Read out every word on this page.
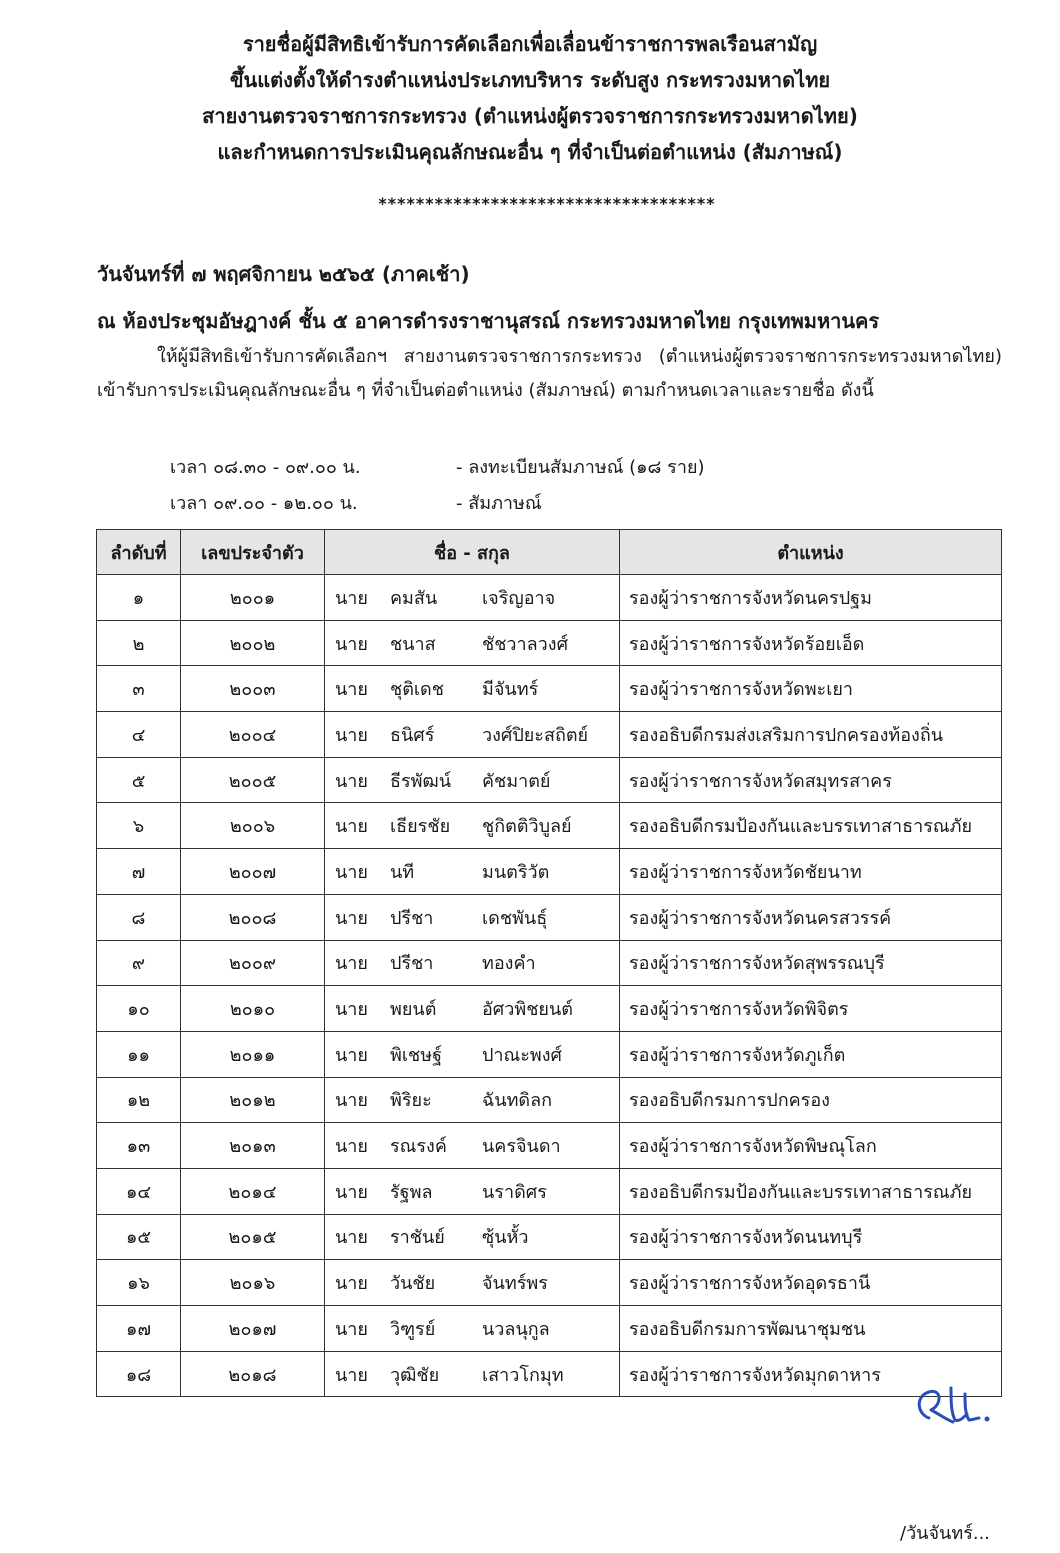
รายชื่อผู้มีสิทธิเข้ารับการคัดเลือกเพื่อเลื่อนข้าราชการพลเรือนสามัญ
ขึ้นแต่งตั้งให้ดำรงตำแหน่งประเภทบริหาร ระดับสูง กระทรวงมหาดไทย
สายงานตรวจราชการกระทรวง (ตำแหน่งผู้ตรวจราชการกระทรวงมหาดไทย)
และกำหนดการประเมินคุณลักษณะอื่น ๆ ที่จำเป็นต่อตำแหน่ง (สัมภาษณ์)
************************************
วันจันทร์ที่ ๗ พฤศจิกายน ๒๕๖๕ (ภาคเช้า)
ณ ห้องประชุมอัษฎางค์ ชั้น ๕ อาคารดำรงราชานุสรณ์ กระทรวงมหาดไทย กรุงเทพมหานคร
ให้ผู้มีสิทธิเข้ารับการคัดเลือกฯ สายงานตรวจราชการกระทรวง (ตำแหน่งผู้ตรวจราชการกระทรวงมหาดไทย) เข้ารับการประเมินคุณลักษณะอื่น ๆ ที่จำเป็นต่อตำแหน่ง (สัมภาษณ์) ตามกำหนดเวลาและรายชื่อ ดังนี้
เวลา ๐๘.๓๐ - ๐๙.๐๐ น.	- ลงทะเบียนสัมภาษณ์ (๑๘ ราย)
เวลา ๐๙.๐๐ - ๑๒.๐๐ น.	- สัมภาษณ์
ลำดับที่	เลขประจำตัว	ชื่อ - สกุล	ตำแหน่ง
๑	๒๐๐๑	นาย คมสัน เจริญอาจ	รองผู้ว่าราชการจังหวัดนครปฐม
๒	๒๐๐๒	นาย ชนาส ชัชวาลวงศ์	รองผู้ว่าราชการจังหวัดร้อยเอ็ด
๓	๒๐๐๓	นาย ชุติเดช มีจันทร์	รองผู้ว่าราชการจังหวัดพะเยา
๔	๒๐๐๔	นาย ธนิศร์ วงศ์ปิยะสถิตย์	รองอธิบดีกรมส่งเสริมการปกครองท้องถิ่น
๕	๒๐๐๕	นาย ธีรพัฒน์ คัชมาตย์	รองผู้ว่าราชการจังหวัดสมุทรสาคร
๖	๒๐๐๖	นาย เธียรชัย ชูกิตติวิบูลย์	รองอธิบดีกรมป้องกันและบรรเทาสาธารณภัย
๗	๒๐๐๗	นาย นที มนตริวัต	รองผู้ว่าราชการจังหวัดชัยนาท
๘	๒๐๐๘	นาย ปรีชา เดชพันธุ์	รองผู้ว่าราชการจังหวัดนครสวรรค์
๙	๒๐๐๙	นาย ปรีชา ทองคำ	รองผู้ว่าราชการจังหวัดสุพรรณบุรี
๑๐	๒๐๑๐	นาย พยนต์ อัศวพิชยนต์	รองผู้ว่าราชการจังหวัดพิจิตร
๑๑	๒๐๑๑	นาย พิเชษฐ์ ปาณะพงศ์	รองผู้ว่าราชการจังหวัดภูเก็ต
๑๒	๒๐๑๒	นาย พิริยะ ฉันทดิลก	รองอธิบดีกรมการปกครอง
๑๓	๒๐๑๓	นาย รณรงค์ นครจินดา	รองผู้ว่าราชการจังหวัดพิษณุโลก
๑๔	๒๐๑๔	นาย รัฐพล นราดิศร	รองอธิบดีกรมป้องกันและบรรเทาสาธารณภัย
๑๕	๒๐๑๕	นาย ราชันย์ ซุ้นหั้ว	รองผู้ว่าราชการจังหวัดนนทบุรี
๑๖	๒๐๑๖	นาย วันชัย จันทร์พร	รองผู้ว่าราชการจังหวัดอุดรธานี
๑๗	๒๐๑๗	นาย วิฑูรย์ นวลนุกูล	รองอธิบดีกรมการพัฒนาชุมชน
๑๘	๒๐๑๘	นาย วุฒิชัย เสาวโกมุท	รองผู้ว่าราชการจังหวัดมุกดาหาร
/วันจันทร์...
